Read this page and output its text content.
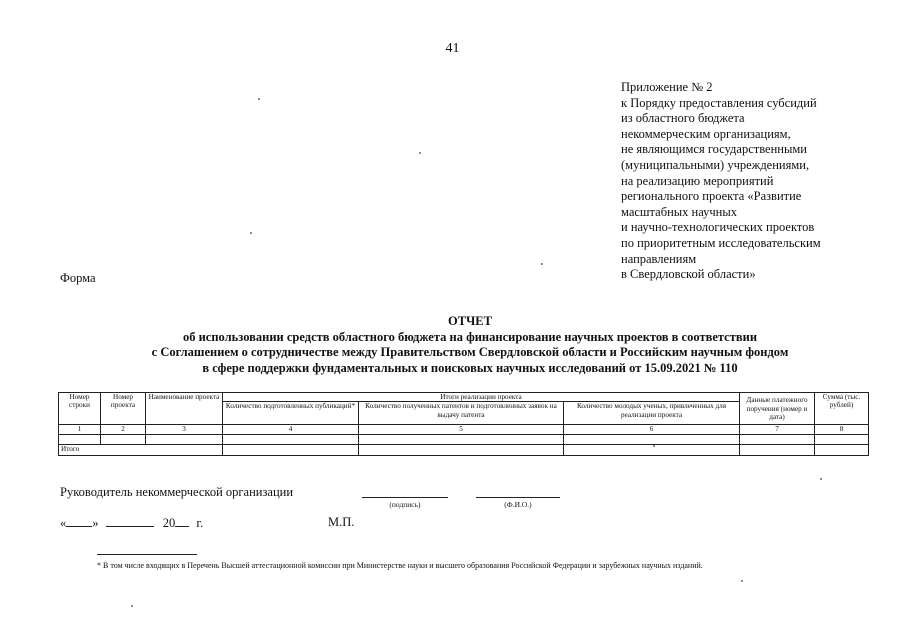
41
Приложение № 2
к Порядку предоставления субсидий
из областного бюджета
некоммерческим организациям,
не являющимся государственными
(муниципальными) учреждениями,
на реализацию мероприятий
регионального проекта «Развитие
масштабных научных
и научно-технологических проектов
по приоритетным исследовательским
направлениям
в Свердловской области»
Форма
ОТЧЕТ
об использовании средств областного бюджета на финансирование научных проектов в соответствии
с Соглашением о сотрудничестве между Правительством Свердловской области и Российским научным фондом
в сфере поддержки фундаментальных и поисковых научных исследований от 15.09.2021 № 110
Номер строки	Номер проекта	Наименование проекта	Итоги реализации проекта			Данные платежного поручения (номер и дата)	Сумма (тыс. рублей)
			Количество подготовленных публикаций*	Количество полученных патентов и подготовленных заявок на выдачу патента	Количество молодых ученых, привлеченных для реализации проекта		
1	2	3	4	5	6	7	8

Итого							
Руководитель некоммерческой организации
(подпись)	(Ф.И.О.)
« »	20 г.	М.П.
* В том числе входящих в Перечень Высшей аттестационной комиссии при Министерстве науки и высшего образования Российской Федерации и зарубежных научных изданий.
